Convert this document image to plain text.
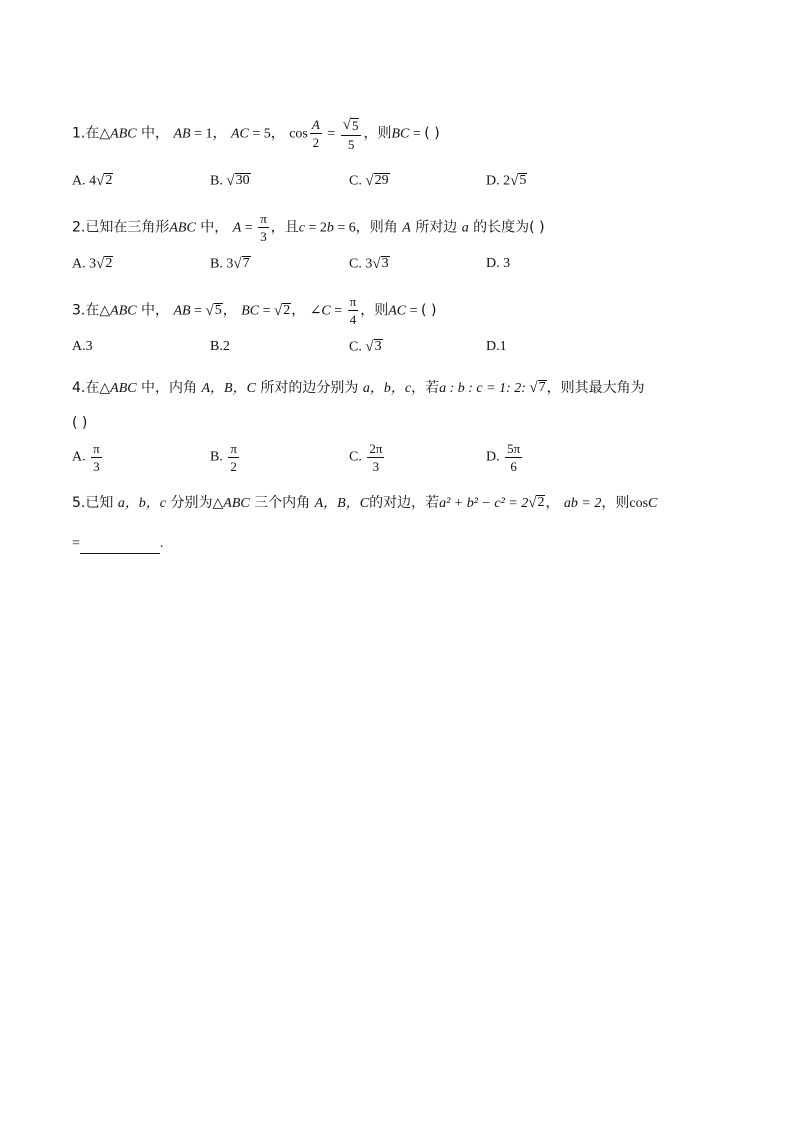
1.在△ABC 中， AB = 1， AC = 5， $\cos \frac{A}{2} = \frac{√ 5}{5}$ ，则BC = ( )
A. 4 √ 2	B. √ 30	C. √ 29	D. 2 √ 5
2.已知在三角形ABC 中， $A = \frac{\pi}{3}$ ，且c = 2b = 6，则角 A 所对边 a 的长度为( )
A. 3 √ 2	B. 3 √ 7	C. 3 √ 3	D. 3
3.在△ABC 中， AB = √ 5 ， BC = √ 2 ， ∠C = $\frac{\pi}{4}$ ，则AC = ( )
A.3	B.2	C. √ 3	D.1
4.在△ABC 中，内角 A，B，C 所对的边分别为 a，b，c，若a : b : c = 1: 2: √ 7 ，则其最大角为
( )
A. $\frac{\pi}{3}$	B. $\frac{\pi}{2}$	C. $\frac{2\pi}{3}$	D. $\frac{5\pi}{6}$
5.已知 a，b，c 分别为△ABC 三个内角 A，B，C的对边，若a² + b² − c² = 2 √ 2 ， ab = 2，则cosC
=	.
